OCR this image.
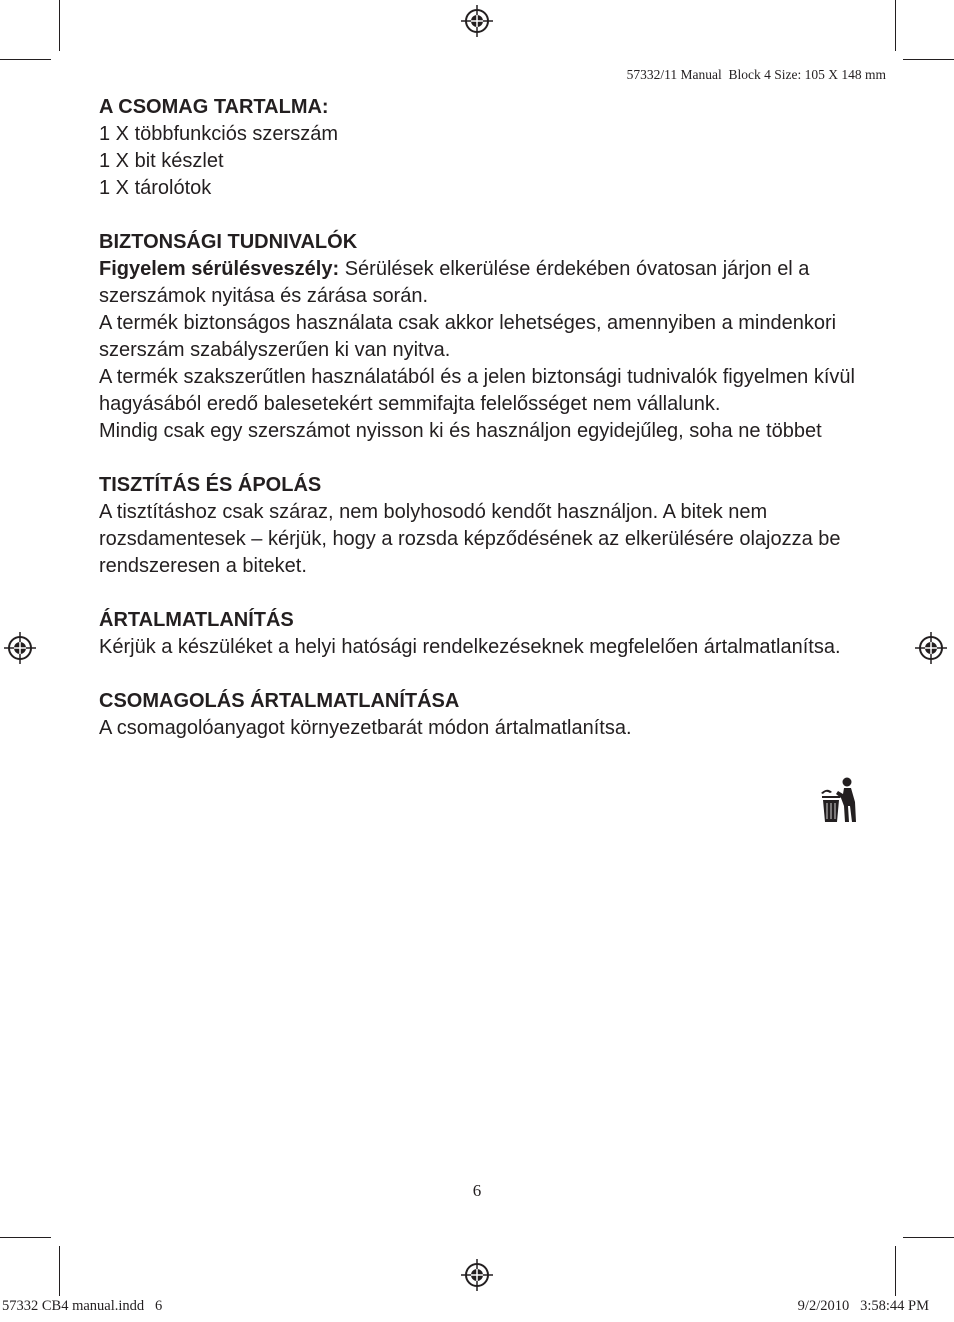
57332/11 Manual  Block 4 Size: 105 X 148 mm
A CSOMAG TARTALMA:
1 X többfunkciós szerszám
1 X bit készlet
1 X tárolótok
BIZTONSÁGI TUDNIVALÓK
Figyelem sérülésveszély: Sérülések elkerülése érdekében óvatosan járjon el a szerszámok nyitása és zárása során.
A termék biztonságos használata csak akkor lehetséges, amennyiben a mindenkori szerszám szabályszerűen ki van nyitva.
A termék szakszerűtlen használatából és a jelen biztonsági tudnivalók figyelmen kívül hagyásából eredő balesetekért semmifajta felelősséget nem vállalunk.
Mindig csak egy szerszámot nyisson ki és használjon egyidejűleg, soha ne többet
TISZTÍTÁS ÉS ÁPOLÁS
A tisztításhoz csak száraz, nem bolyhosodó kendőt használjon. A bitek nem rozsdamentesek – kérjük, hogy a rozsda képződésének az elkerülésére olajozza be rendszeresen a biteket.
ÁRTALMATLANÍTÁS
Kérjük a készüléket a helyi hatósági rendelkezéseknek megfelelően ártalmatlanítsa.
CSOMAGOLÁS ÁRTALMATLANÍTÁSA
A csomagolóanyagot környezetbarát módon ártalmatlanítsa.
6
57332 CB4 manual.indd   6	9/2/2010   3:58:44 PM
